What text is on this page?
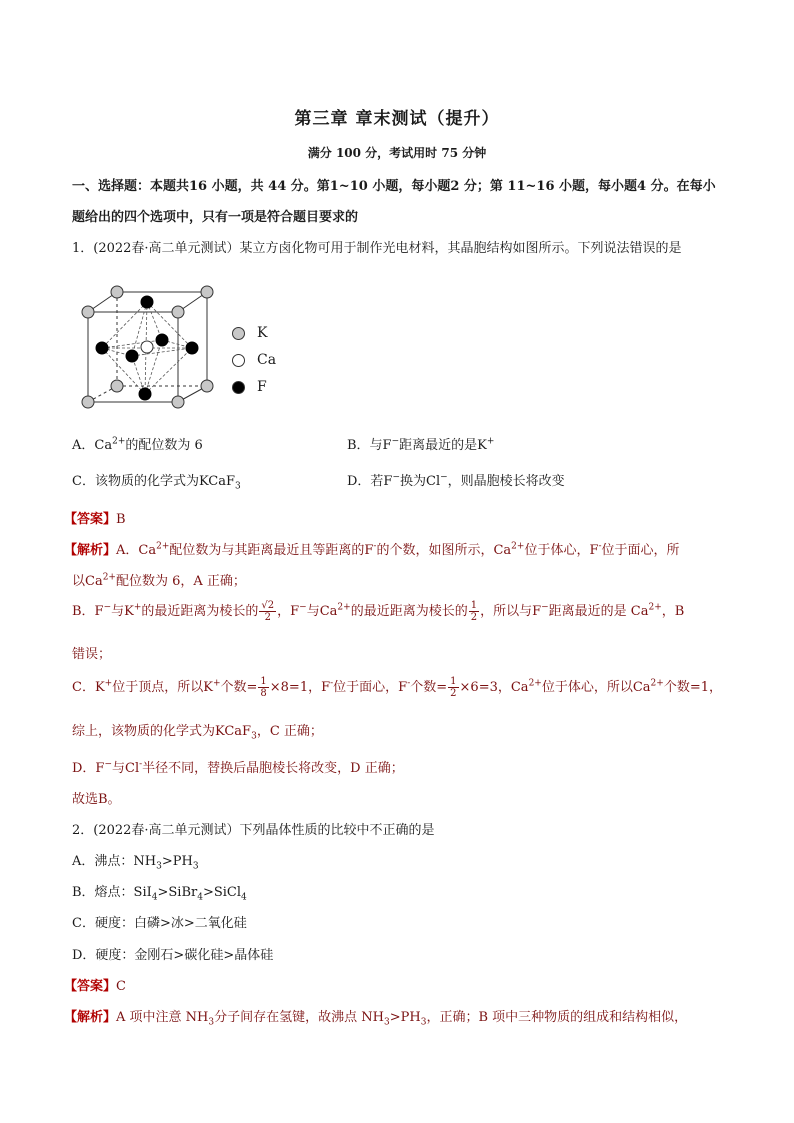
第三章 章末测试（提升）
满分 100 分，考试用时 75 分钟
一、选择题：本题共16 小题，共 44 分。第1~10 小题，每小题2 分；第 11~16 小题，每小题4 分。在每小
题给出的四个选项中，只有一项是符合题目要求的
1．(2022春·高二单元测试）某立方卤化物可用于制作光电材料，其晶胞结构如图所示。下列说法错误的是
K
Ca
F
A．$Ca^{2+}$的配位数为 6	B．与F−距离最近的是K+
C．该物质的化学式为KCaF$_3$	D．若F−换为Cl−，则晶胞棱长将改变
【答案】B
【解析】A．$Ca^{2+}$配位数为与其距离最近且等距离的F-的个数，如图所示，$Ca^{2+}$位于体心，F-位于面心，所
以$Ca^{2+}$配位数为 6，A 正确；
B．F−与K+的最近距离为棱长的 $\frac{√2}{2}$ ，F−与$Ca^{2+}$的最近距离为棱长的 $\frac{1}{2}$ ，所以与F−距离最近的是 $Ca^{2+}$，B
错误；
C．K+位于顶点，所以K+个数= $\frac{1}{8} \times 8=1$，F-位于面心，F-个数= $\frac{1}{2} \times 6=3$，$Ca^{2+}$位于体心，所以$Ca^{2+}$个数=1，
综上，该物质的化学式为KCaF$_3$，C 正确；
D．F−与Cl-半径不同，替换后晶胞棱长将改变，D 正确；
故选B。
2．(2022春·高二单元测试）下列晶体性质的比较中不正确的是
A．沸点：$NH_3>PH_3$
B．熔点：SiI$_4$>SiBr$_4$>SiCl$_4$
C．硬度：白磷>冰>二氧化硅
D．硬度：金刚石>碳化硅>晶体硅
【答案】C
【解析】A 项中注意 $NH_3$分子间存在氢键，故沸点 $NH_3>PH_3$，正确；B 项中三种物质的组成和结构相似，
